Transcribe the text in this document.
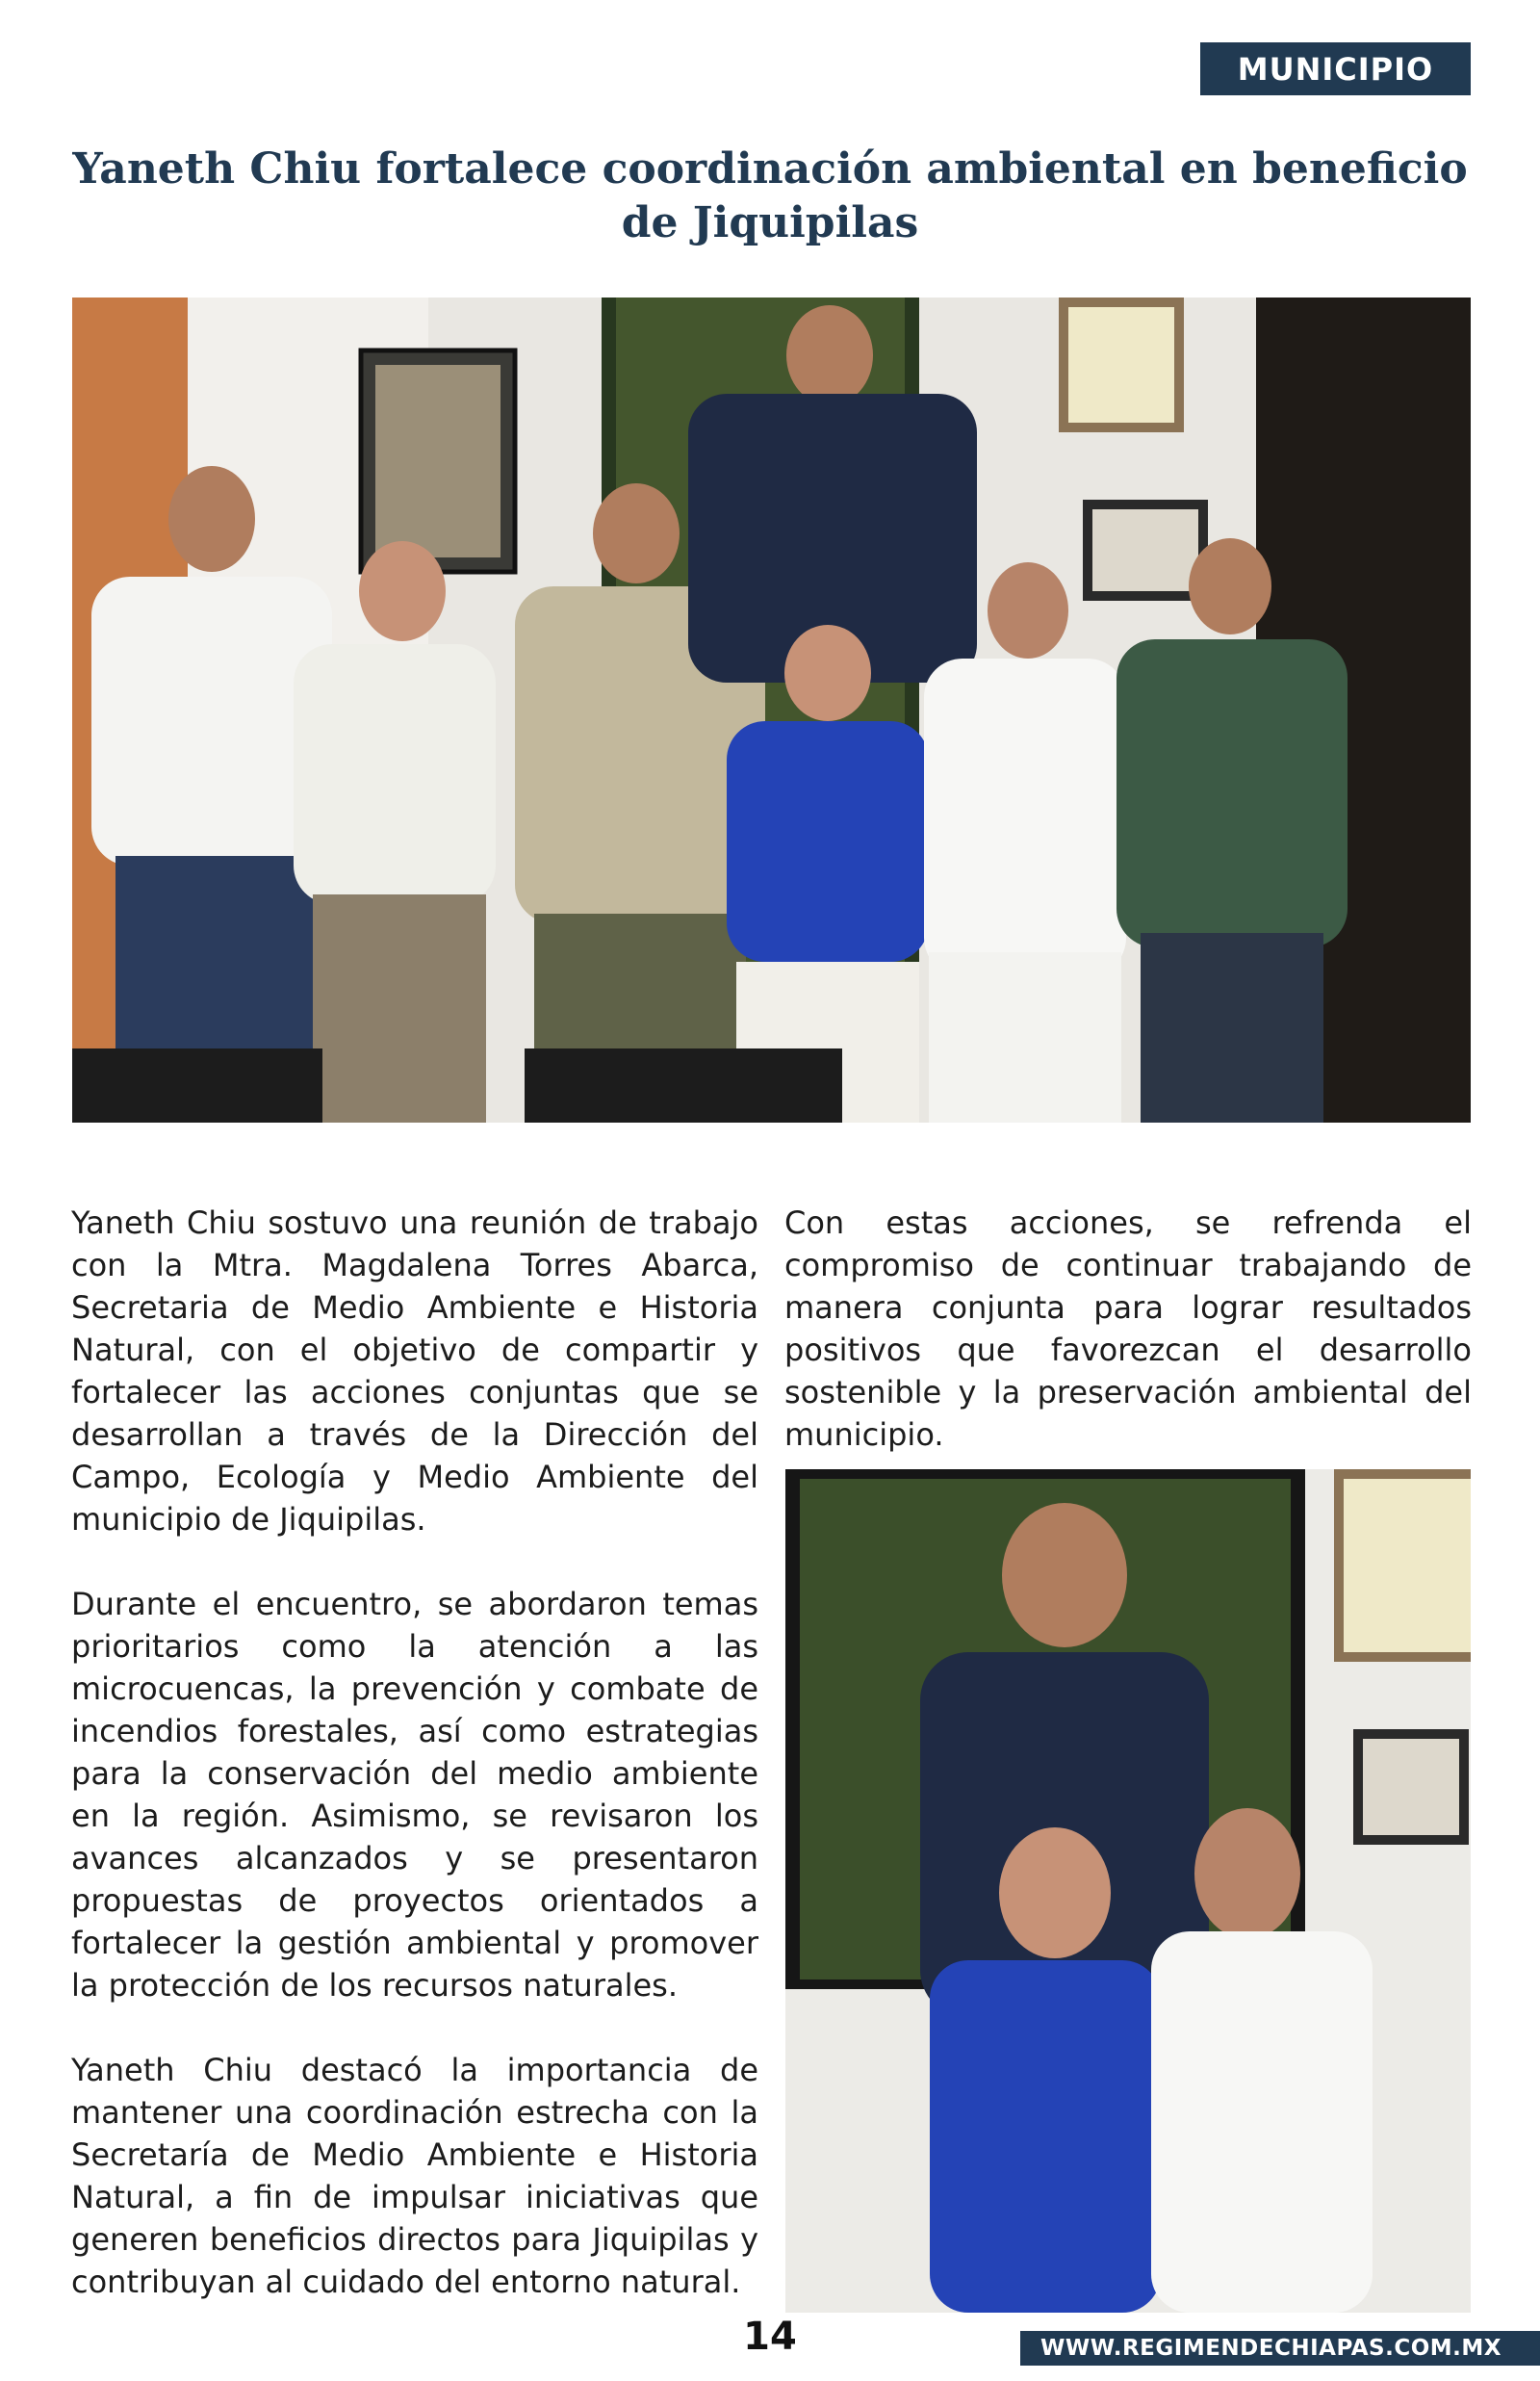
MUNICIPIO
Yaneth Chiu fortalece coordinación ambiental en beneficio de Jiquipilas

Yaneth Chiu sostuvo una reunión de trabajo con la Mtra. Magdalena Torres Abarca, Secretaria de Medio Ambiente e Historia Natural, con el objetivo de compartir y fortalecer las acciones conjuntas que se desarrollan a través de la Dirección del Campo, Ecología y Medio Ambiente del municipio de Jiquipilas.

Durante el encuentro, se abordaron temas prioritarios como la atención a las microcuencas, la prevención y combate de incendios forestales, así como estrategias para la conservación del medio ambiente en la región. Asimismo, se revisaron los avances alcanzados y se presentaron propuestas de proyectos orientados a fortalecer la gestión ambiental y promover la protección de los recursos naturales.

Yaneth Chiu destacó la importancia de mantener una coordinación estrecha con la Secretaría de Medio Ambiente e Historia Natural, a fin de impulsar iniciativas que generen beneficios directos para Jiquipilas y contribuyan al cuidado del entorno natural.

Con estas acciones, se refrenda el compromiso de continuar trabajando de manera conjunta para lograr resultados positivos que favorezcan el desarrollo sostenible y la preservación ambiental del municipio.

14	WWW.REGIMENDECHIAPAS.COM.MX
